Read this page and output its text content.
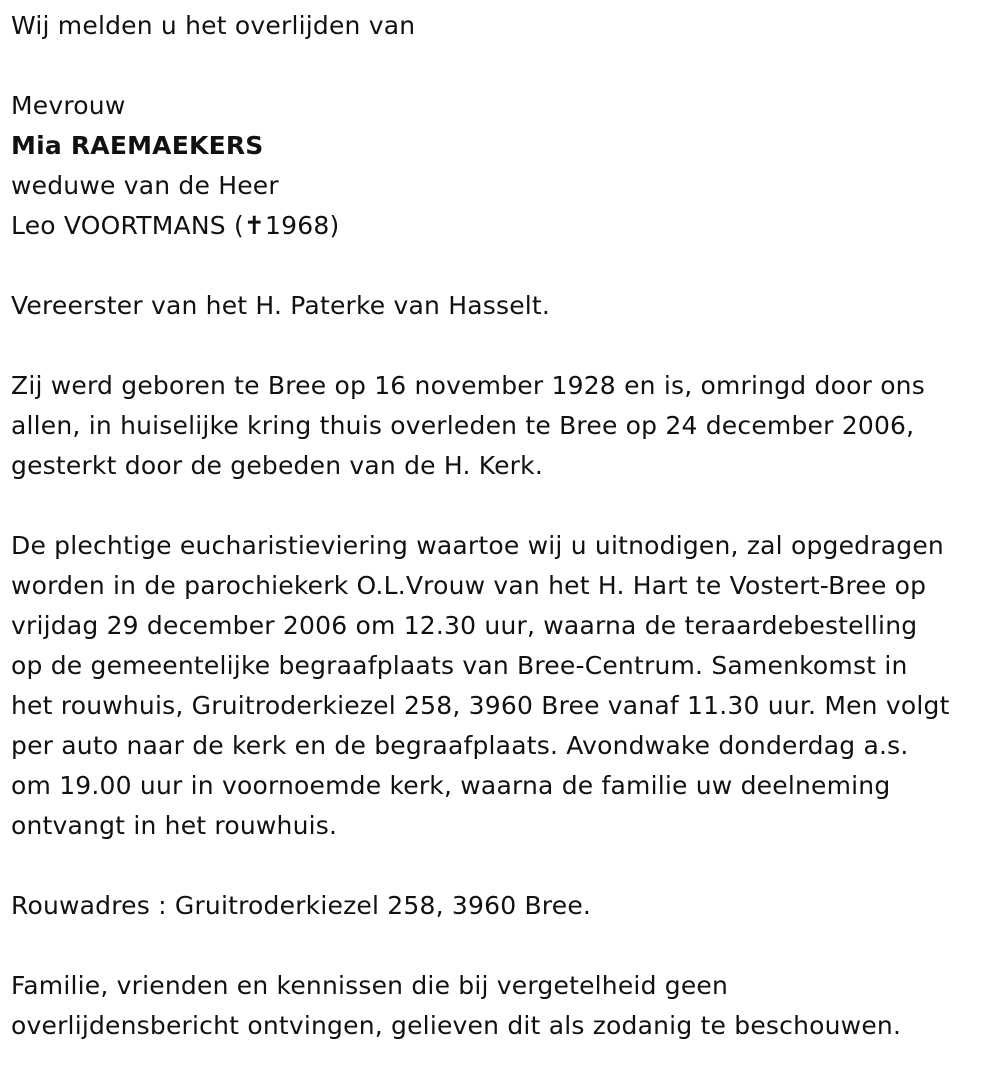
Wij melden u het overlijden van
Mevrouw
Mia RAEMAEKERS
weduwe van de Heer
Leo VOORTMANS (✝1968)
Vereerster van het H. Paterke van Hasselt.
Zij werd geboren te Bree op 16 november 1928 en is, omringd door ons
allen, in huiselijke kring thuis overleden te Bree op 24 december 2006,
gesterkt door de gebeden van de H. Kerk.
De plechtige eucharistieviering waartoe wij u uitnodigen, zal opgedragen
worden in de parochiekerk O.L.Vrouw van het H. Hart te Vostert-Bree op
vrijdag 29 december 2006 om 12.30 uur, waarna de teraardebestelling
op de gemeentelijke begraafplaats van Bree-Centrum. Samenkomst in
het rouwhuis, Gruitroderkiezel 258, 3960 Bree vanaf 11.30 uur. Men volgt
per auto naar de kerk en de begraafplaats. Avondwake donderdag a.s.
om 19.00 uur in voornoemde kerk, waarna de familie uw deelneming
ontvangt in het rouwhuis.
Rouwadres : Gruitroderkiezel 258, 3960 Bree.
Familie, vrienden en kennissen die bij vergetelheid geen
overlijdensbericht ontvingen, gelieven dit als zodanig te beschouwen.
